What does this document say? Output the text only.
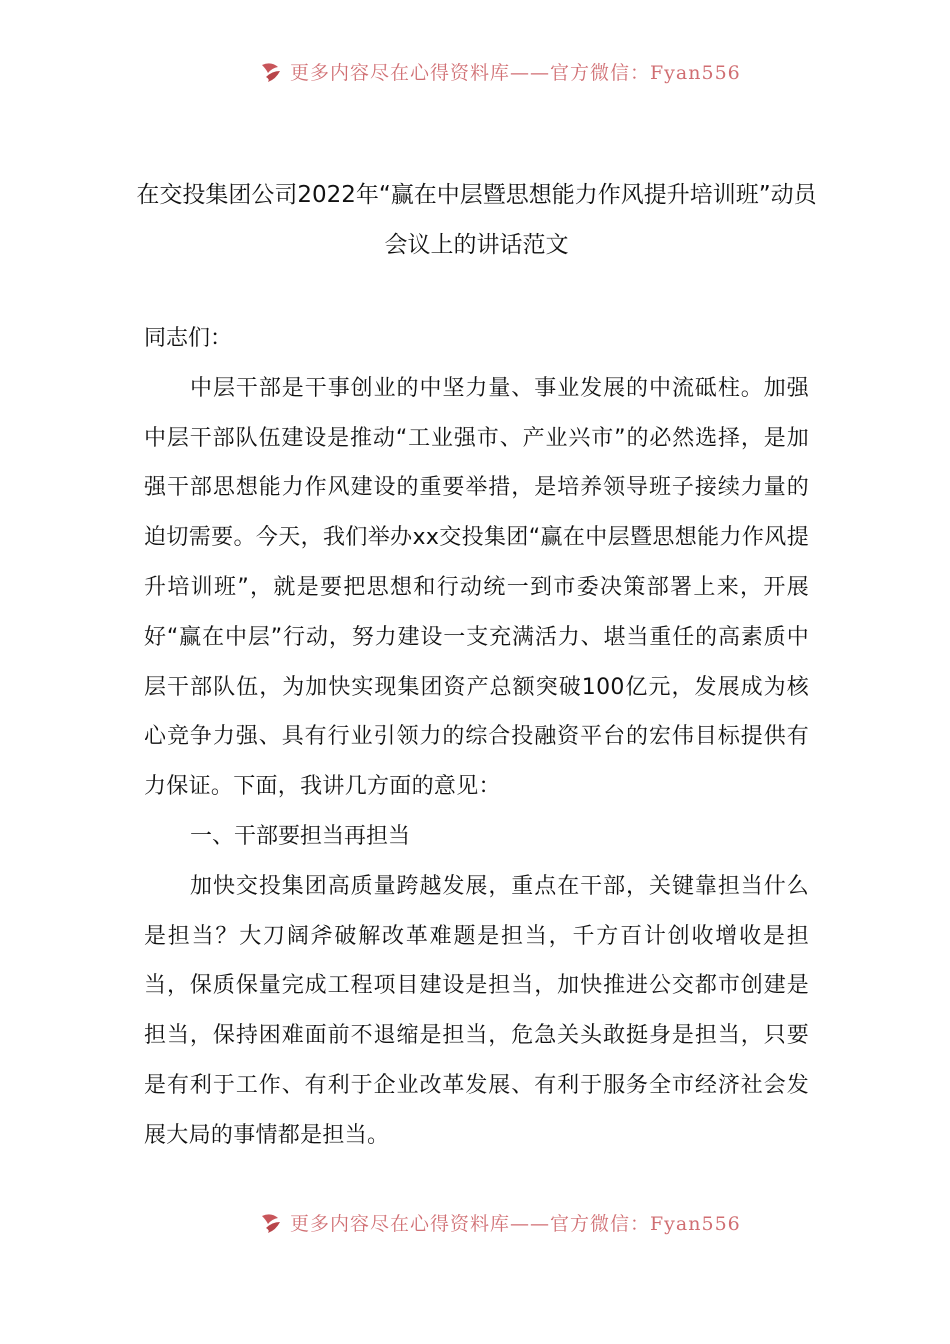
更多内容尽在心得资料库——官方微信：Fyan556
在交投集团公司2022年“赢在中层暨思想能力作风提升培训班”动员会议上的讲话范文
同志们：

中层干部是干事创业的中坚力量、事业发展的中流砥柱。加强中层干部队伍建设是推动“工业强市、产业兴市”的必然选择，是加强干部思想能力作风建设的重要举措，是培养领导班子接续力量的迫切需要。今天，我们举办xx交投集团“赢在中层暨思想能力作风提升培训班”，就是要把思想和行动统一到市委决策部署上来，开展好“赢在中层”行动，努力建设一支充满活力、堪当重任的高素质中层干部队伍，为加快实现集团资产总额突破100亿元，发展成为核心竞争力强、具有行业引领力的综合投融资平台的宏伟目标提供有力保证。下面，我讲几方面的意见：

一、干部要担当再担当

加快交投集团高质量跨越发展，重点在干部，关键靠担当什么是担当？大刀阔斧破解改革难题是担当，千方百计创收增收是担当，保质保量完成工程项目建设是担当，加快推进公交都市创建是担当，保持困难面前不退缩是担当，危急关头敢挺身是担当，只要是有利于工作、有利于企业改革发展、有利于服务全市经济社会发展大局的事情都是担当。

更多内容尽在心得资料库——官方微信：Fyan556
